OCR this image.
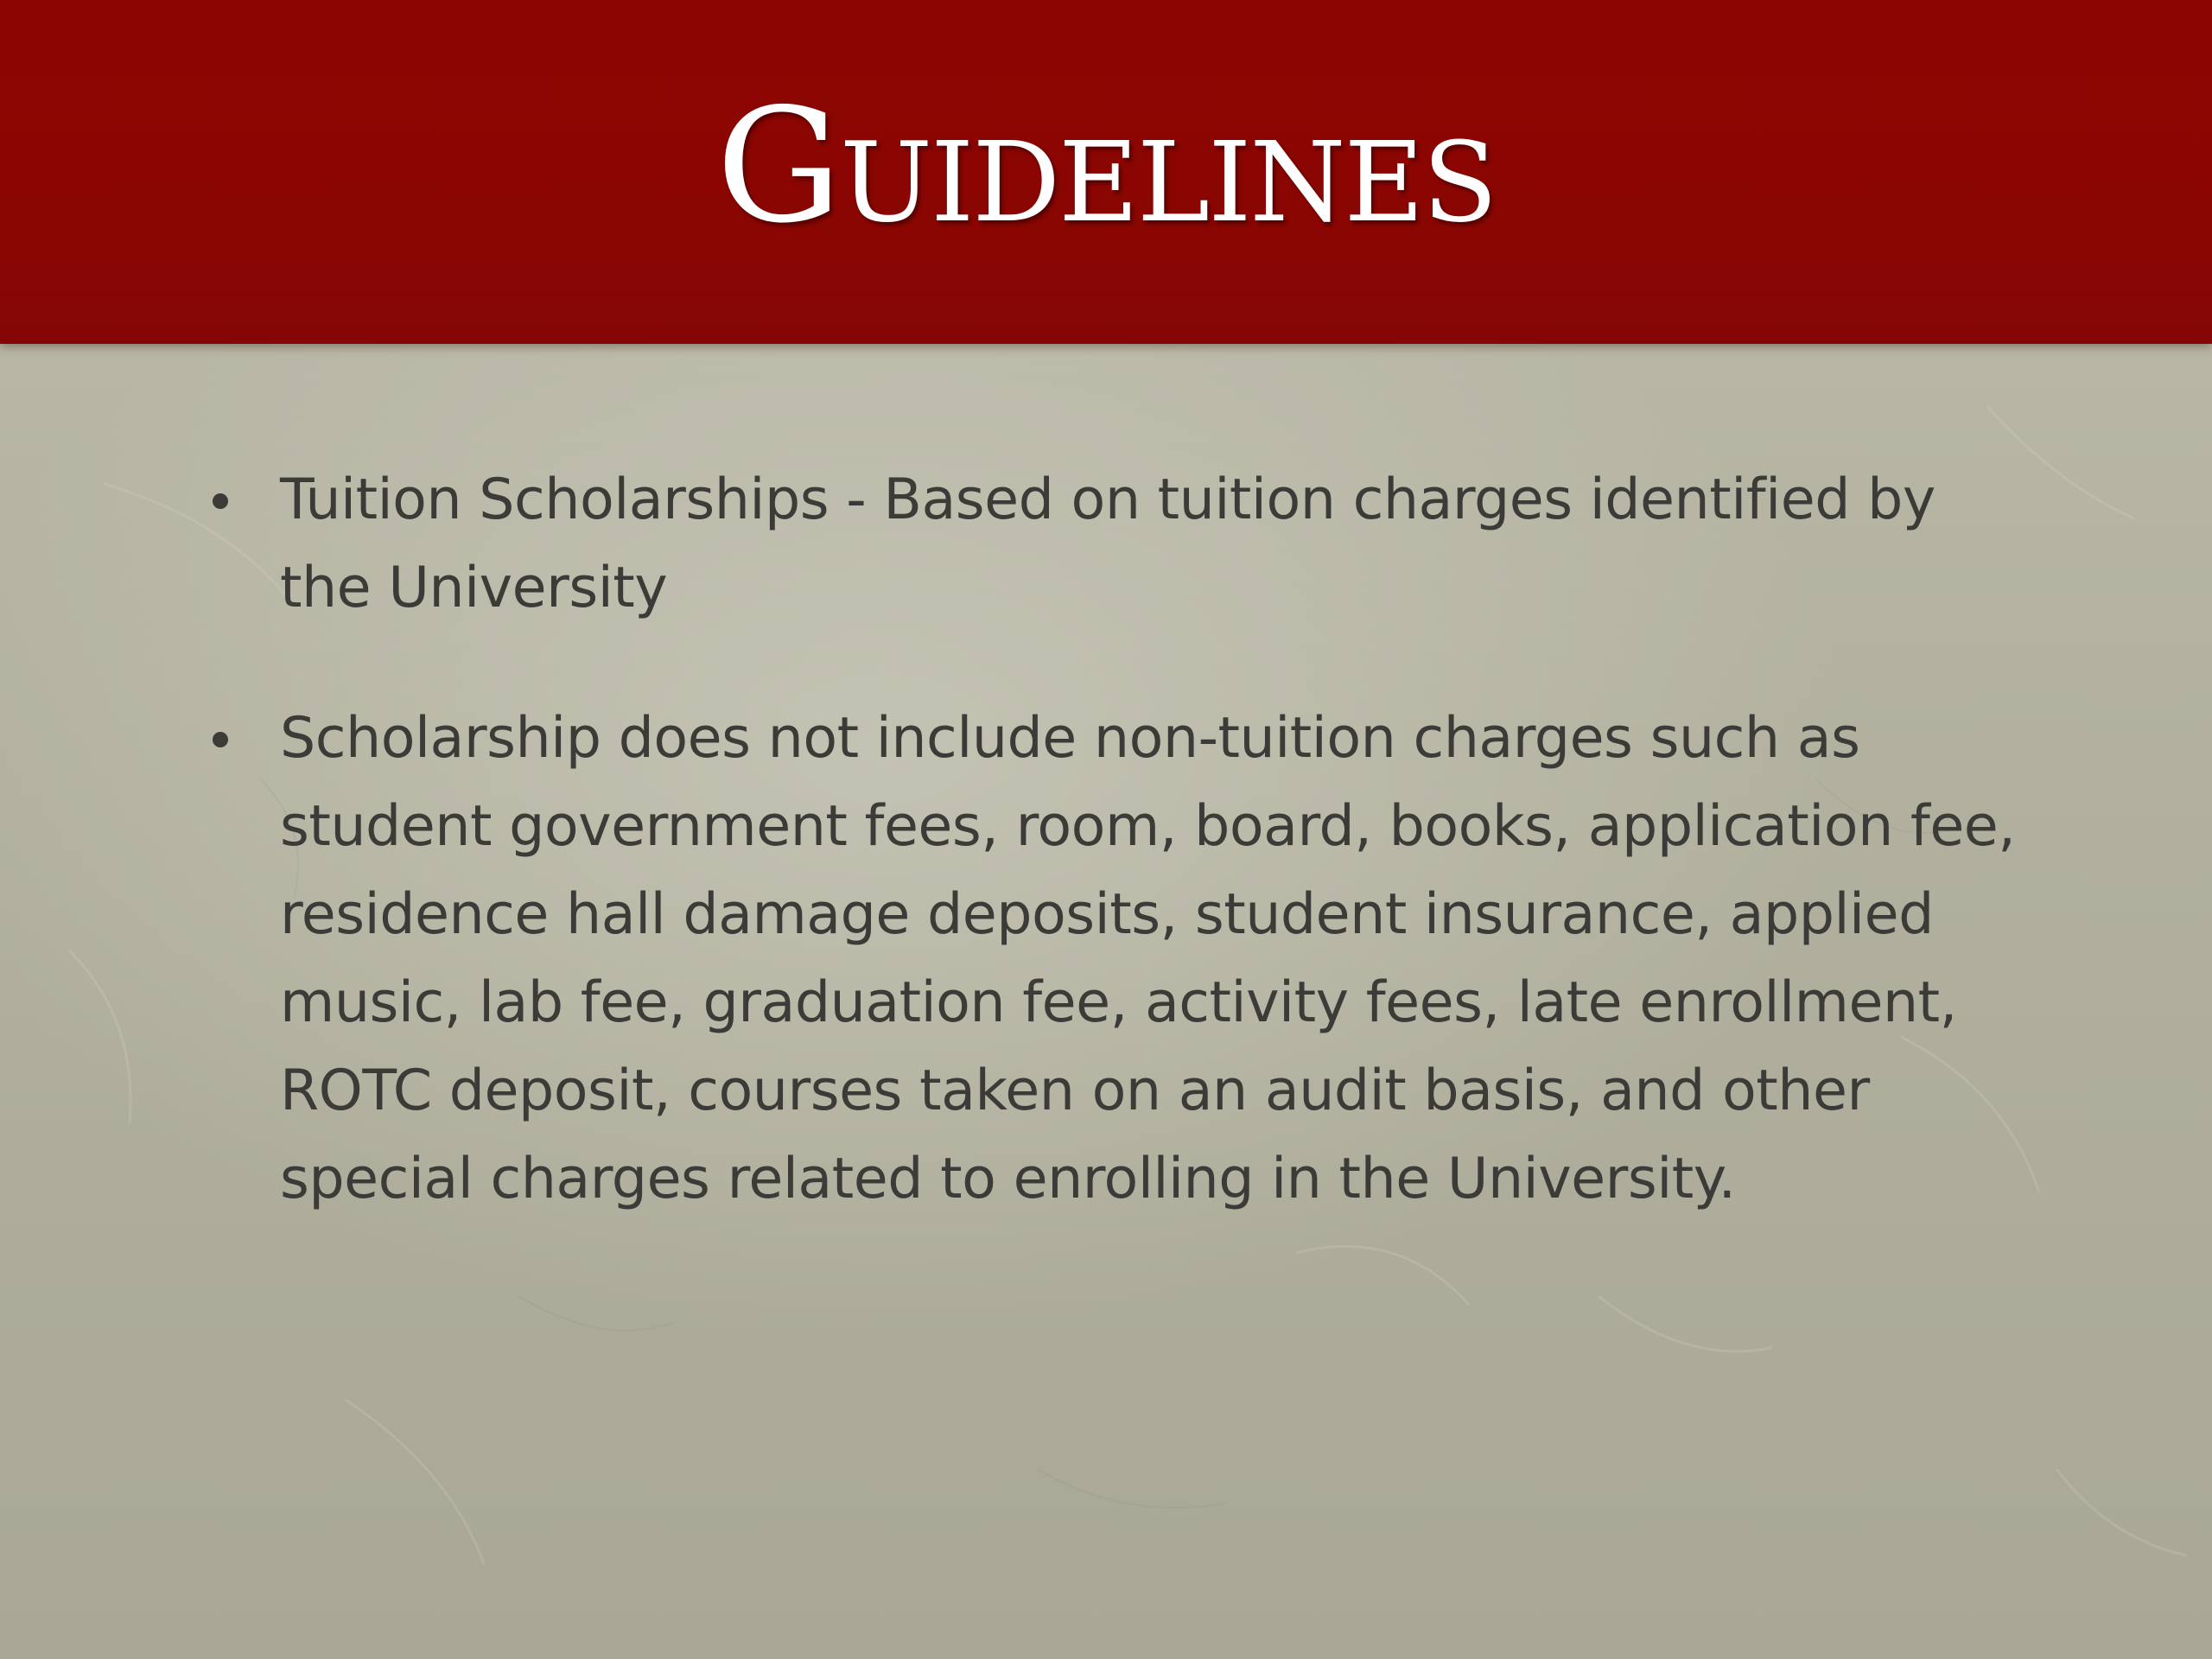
Guidelines
Tuition Scholarships - Based on tuition charges identified by the University
Scholarship does not include non-tuition charges such as student government fees, room, board, books, application fee, residence hall damage deposits, student insurance, applied music, lab fee, graduation fee, activity fees, late enrollment, ROTC deposit, courses taken on an audit basis, and other special charges related to enrolling in the University.
